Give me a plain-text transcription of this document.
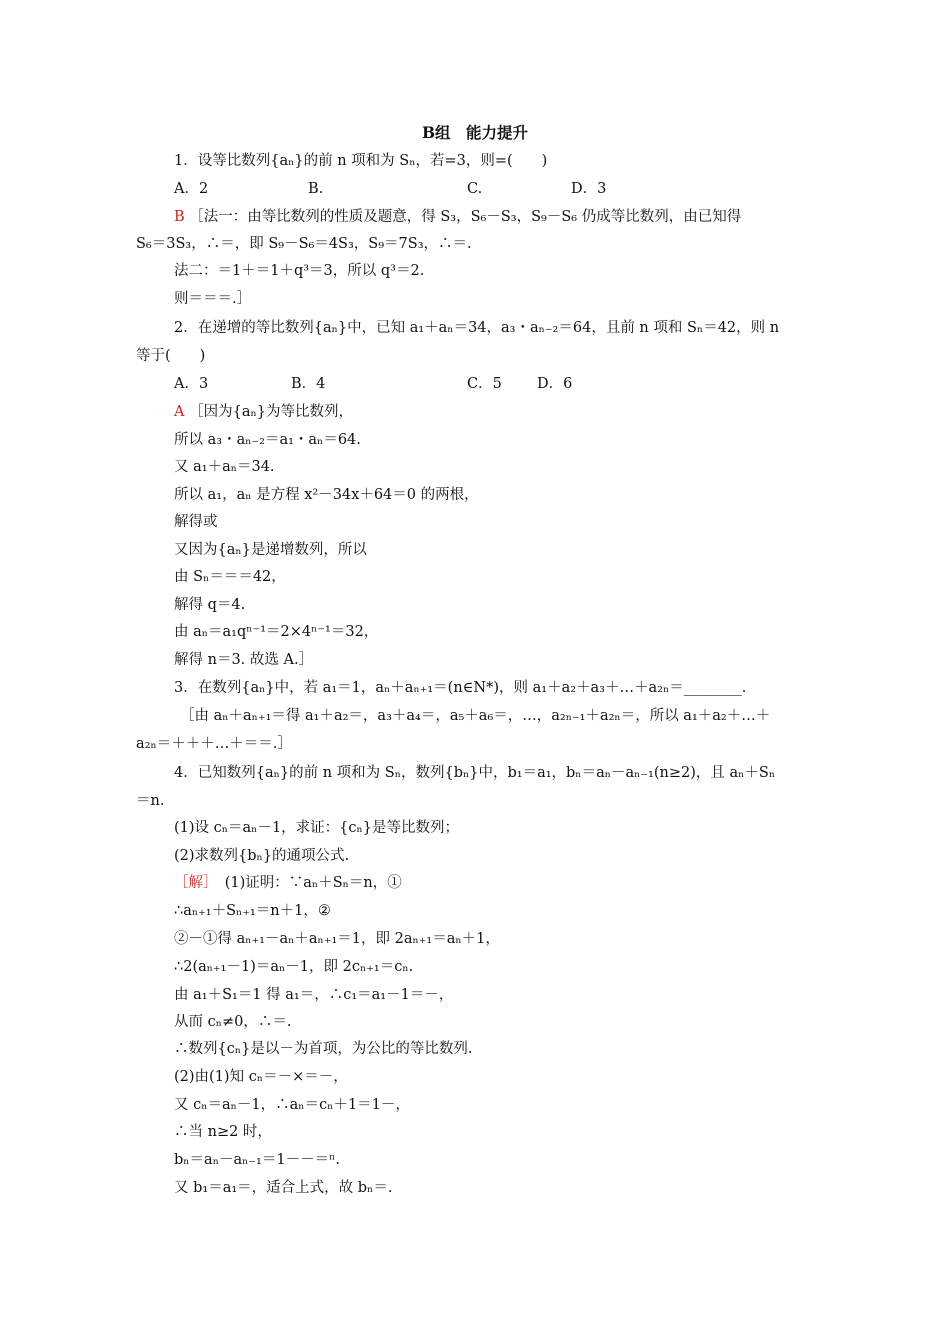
B组　能力提升
1．设等比数列{aₙ}的前 n 项和为 Sₙ，若=3，则=(　　)
A．2	B.	C.	D．3
B ［法一：由等比数列的性质及题意，得 S₃，S₆－S₃，S₉－S₆ 仍成等比数列，由已知得
S₆＝3S₃，∴＝，即 S₉－S₆＝4S₃，S₉＝7S₃，∴＝.
法二：＝1＋＝1＋q³＝3，所以 q³＝2.
则＝＝＝.］
2．在递增的等比数列{aₙ}中，已知 a₁＋aₙ＝34，a₃・aₙ₋₂＝64，且前 n 项和 Sₙ＝42，则 n
等于(　　)
A．3	B．4	C．5 D．6
A ［因为{aₙ}为等比数列，
所以 a₃・aₙ₋₂＝a₁・aₙ＝64.
又 a₁＋aₙ＝34.
所以 a₁，aₙ 是方程 x²－34x＋64＝0 的两根，
解得或
又因为{aₙ}是递增数列，所以
由 Sₙ＝＝＝42，
解得 q＝4.
由 aₙ＝a₁qⁿ⁻¹＝2×4ⁿ⁻¹＝32，
解得 n＝3. 故选 A.］
3．在数列{aₙ}中，若 a₁＝1，aₙ＋aₙ₊₁＝(n∈N*)，则 a₁＋a₂＋a₃＋…＋a₂ₙ＝________.
［由 aₙ＋aₙ₊₁＝得 a₁＋a₂＝，a₃＋a₄＝，a₅＋a₆＝，…，a₂ₙ₋₁＋a₂ₙ＝，所以 a₁＋a₂＋…＋
a₂ₙ＝＋＋＋…＋＝＝.］
4．已知数列{aₙ}的前 n 项和为 Sₙ，数列{bₙ}中，b₁＝a₁，bₙ＝aₙ－aₙ₋₁(n≥2)，且 aₙ＋Sₙ
＝n.
(1)设 cₙ＝aₙ－1，求证：{cₙ}是等比数列；
(2)求数列{bₙ}的通项公式.
［解］　(1)证明：∵aₙ＋Sₙ＝n，①
∴aₙ₊₁＋Sₙ₊₁＝n＋1，②
②－①得 aₙ₊₁－aₙ＋aₙ₊₁＝1，即 2aₙ₊₁＝aₙ＋1，
∴2(aₙ₊₁－1)＝aₙ－1，即 2cₙ₊₁＝cₙ.
由 a₁＋S₁＝1 得 a₁＝，∴c₁＝a₁－1＝－，
从而 cₙ≠0，∴＝.
∴数列{cₙ}是以－为首项，为公比的等比数列.
(2)由(1)知 cₙ＝－×＝－，
又 cₙ＝aₙ－1，∴aₙ＝cₙ＋1＝1－，
∴当 n≥2 时，
bₙ＝aₙ－aₙ₋₁＝1－－＝ⁿ.
又 b₁＝a₁＝，适合上式，故 bₙ＝.
